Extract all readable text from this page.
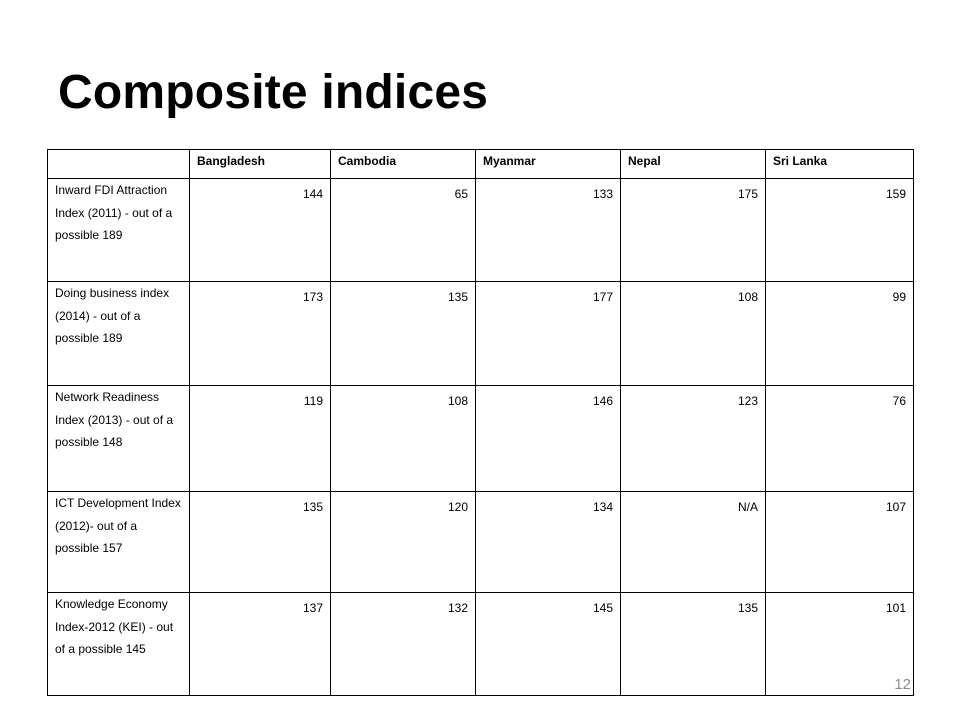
Composite indices
	Bangladesh	Cambodia	Myanmar	Nepal	Sri Lanka
Inward FDI Attraction Index (2011) - out of a possible 189	144	65	133	175	159
Doing business index (2014) - out of a possible 189	173	135	177	108	99
Network Readiness Index (2013) - out of a possible 148	119	108	146	123	76
ICT Development Index (2012)- out of a possible 157	135	120	134	N/A	107
Knowledge Economy Index-2012 (KEI) - out of a possible 145	137	132	145	135	101
12
